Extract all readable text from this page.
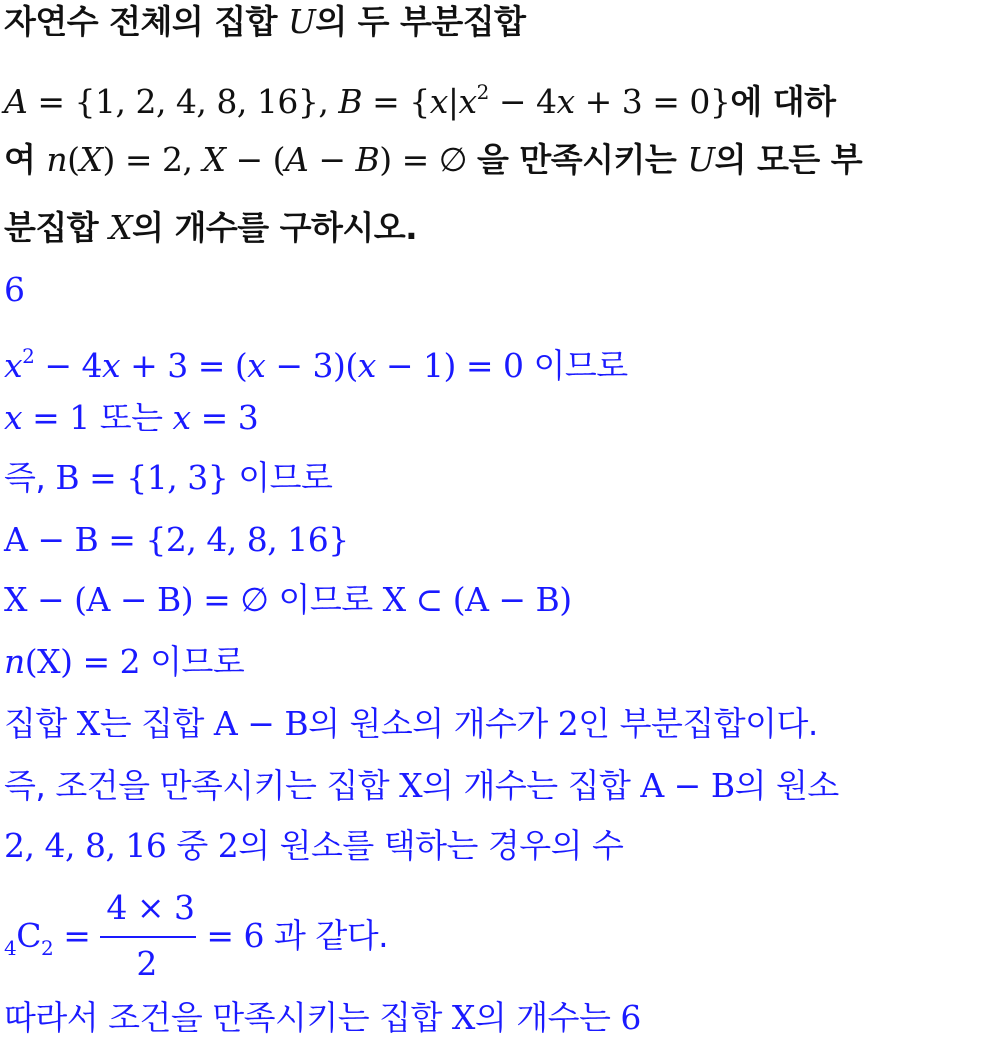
자연수 전체의 집합 U의 두 부분집합
A = {1, 2, 4, 8, 16}, $B = \{x|x^2 - 4x + 3 = 0\}$에 대하
여 n(X) = 2, X − (A − B) = ∅ 을 만족시키는 U의 모든 부
분집합 X의 개수를 구하시오.
6
$x^2 - 4x + 3 = (x - 3)(x - 1) = 0$ 이므로
x = 1 또는 x = 3
즉, B = {1, 3} 이므로
A − B = {2, 4, 8, 16}
X − (A − B) = ∅ 이므로 X ⊂ (A − B)
n(X) = 2 이므로
집합 X는 집합 A − B의 원소의 개수가 2인 부분집합이다.
즉, 조건을 만족시키는 집합 X의 개수는 집합 A − B의 원소
2, 4, 8, 16 중 2의 원소를 택하는 경우의 수
$_4C_2 = \frac{4 \times 3}{2} = 6$ 과 같다.
따라서 조건을 만족시키는 집합 X의 개수는 6
